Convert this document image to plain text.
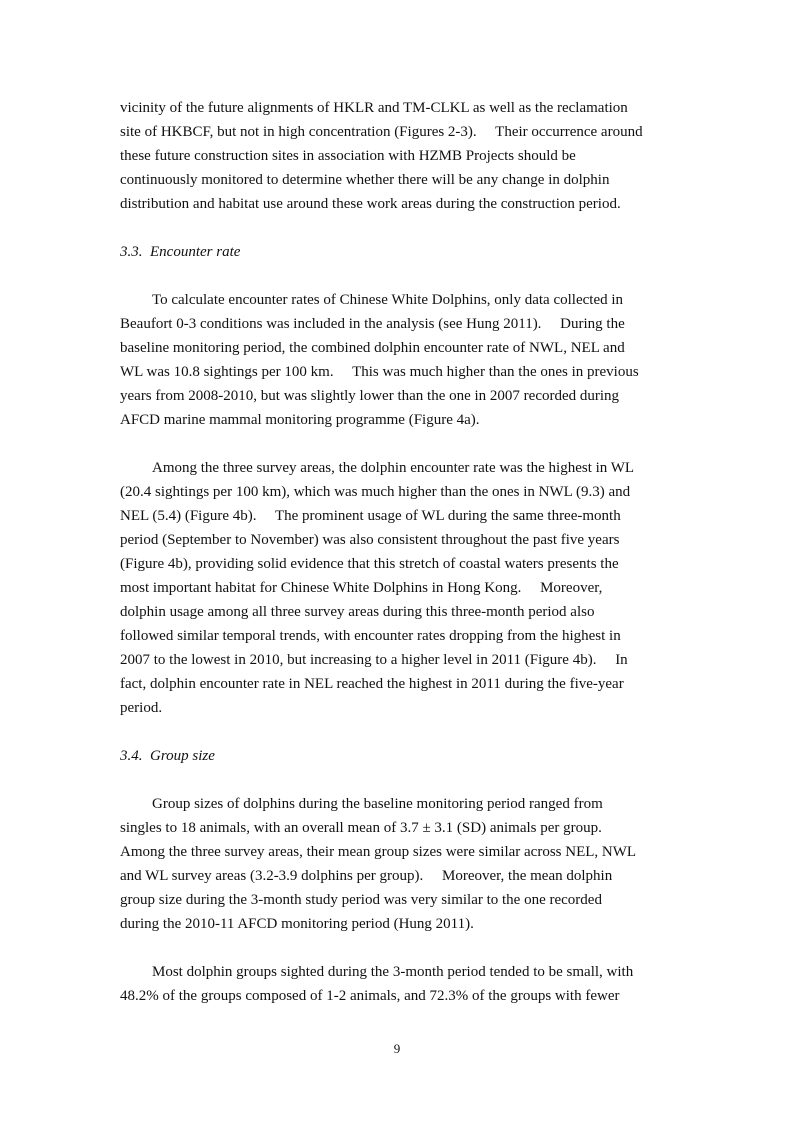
vicinity of the future alignments of HKLR and TM-CLKL as well as the reclamation
site of HKBCF, but not in high concentration (Figures 2-3).  Their occurrence around
these future construction sites in association with HZMB Projects should be
continuously monitored to determine whether there will be any change in dolphin
distribution and habitat use around these work areas during the construction period.
3.3.  Encounter rate
To calculate encounter rates of Chinese White Dolphins, only data collected in
Beaufort 0-3 conditions was included in the analysis (see Hung 2011).  During the
baseline monitoring period, the combined dolphin encounter rate of NWL, NEL and
WL was 10.8 sightings per 100 km.  This was much higher than the ones in previous
years from 2008-2010, but was slightly lower than the one in 2007 recorded during
AFCD marine mammal monitoring programme (Figure 4a).
Among the three survey areas, the dolphin encounter rate was the highest in WL
(20.4 sightings per 100 km), which was much higher than the ones in NWL (9.3) and
NEL (5.4) (Figure 4b).  The prominent usage of WL during the same three-month
period (September to November) was also consistent throughout the past five years
(Figure 4b), providing solid evidence that this stretch of coastal waters presents the
most important habitat for Chinese White Dolphins in Hong Kong.  Moreover,
dolphin usage among all three survey areas during this three-month period also
followed similar temporal trends, with encounter rates dropping from the highest in
2007 to the lowest in 2010, but increasing to a higher level in 2011 (Figure 4b).  In
fact, dolphin encounter rate in NEL reached the highest in 2011 during the five-year
period.
3.4.  Group size
Group sizes of dolphins during the baseline monitoring period ranged from
singles to 18 animals, with an overall mean of 3.7 ± 3.1 (SD) animals per group.
Among the three survey areas, their mean group sizes were similar across NEL, NWL
and WL survey areas (3.2-3.9 dolphins per group).  Moreover, the mean dolphin
group size during the 3-month study period was very similar to the one recorded
during the 2010-11 AFCD monitoring period (Hung 2011).
Most dolphin groups sighted during the 3-month period tended to be small, with
48.2% of the groups composed of 1-2 animals, and 72.3% of the groups with fewer
9
